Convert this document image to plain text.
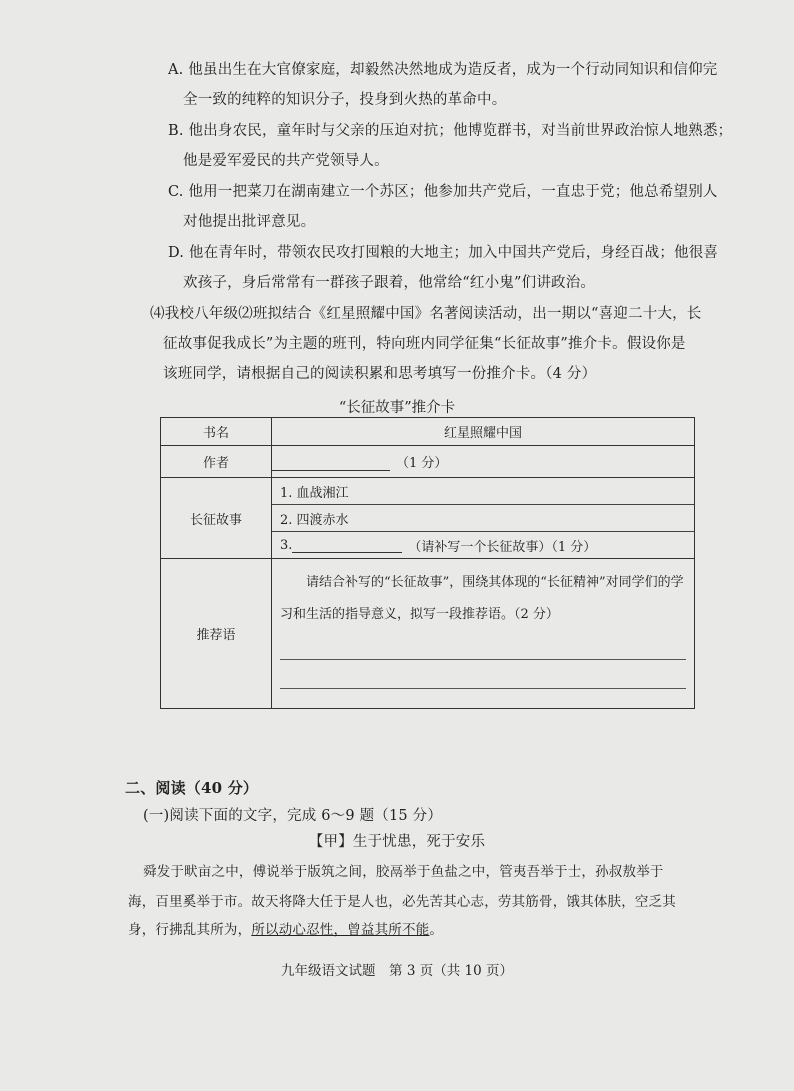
A. 他虽出生在大官僚家庭，却毅然决然地成为造反者，成为一个行动同知识和信仰完
全一致的纯粹的知识分子，投身到火热的革命中。
B. 他出身农民，童年时与父亲的压迫对抗；他博览群书，对当前世界政治惊人地熟悉；
他是爱军爱民的共产党领导人。
C. 他用一把菜刀在湖南建立一个苏区；他参加共产党后，一直忠于党；他总希望别人
对他提出批评意见。
D. 他在青年时，带领农民攻打囤粮的大地主；加入中国共产党后，身经百战；他很喜
欢孩子，身后常常有一群孩子跟着，他常给“红小鬼”们讲政治。
⑷我校八年级⑵班拟结合《红星照耀中国》名著阅读活动，出一期以“喜迎二十大，长
征故事促我成长”为主题的班刊，特向班内同学征集“长征故事”推介卡。假设你是
该班同学，请根据自己的阅读积累和思考填写一份推介卡。（4 分）
“长征故事”推介卡
书名	红星照耀中国
作者	（1 分）
长征故事	1. 血战湘江
2. 四渡赤水
3. （请补写一个长征故事）（1 分）

推荐语	请结合补写的“长征故事”，围绕其体现的“长征精神”对同学们的学习和生活的指导意义，拟写一段推荐语。（2 分）
二、阅读（40 分）
(一)阅读下面的文字，完成 6～9 题（15 分）
【甲】生于忧患，死于安乐
舜发于畎亩之中，傅说举于版筑之间，胶鬲举于鱼盐之中，管夷吾举于士，孙叔敖举于
海，百里奚举于市。故天将降大任于是人也，必先苦其心志，劳其筋骨，饿其体肤，空乏其
身，行拂乱其所为，所以动心忍性，曾益其所不能。
九年级语文试题　第 3 页（共 10 页）
